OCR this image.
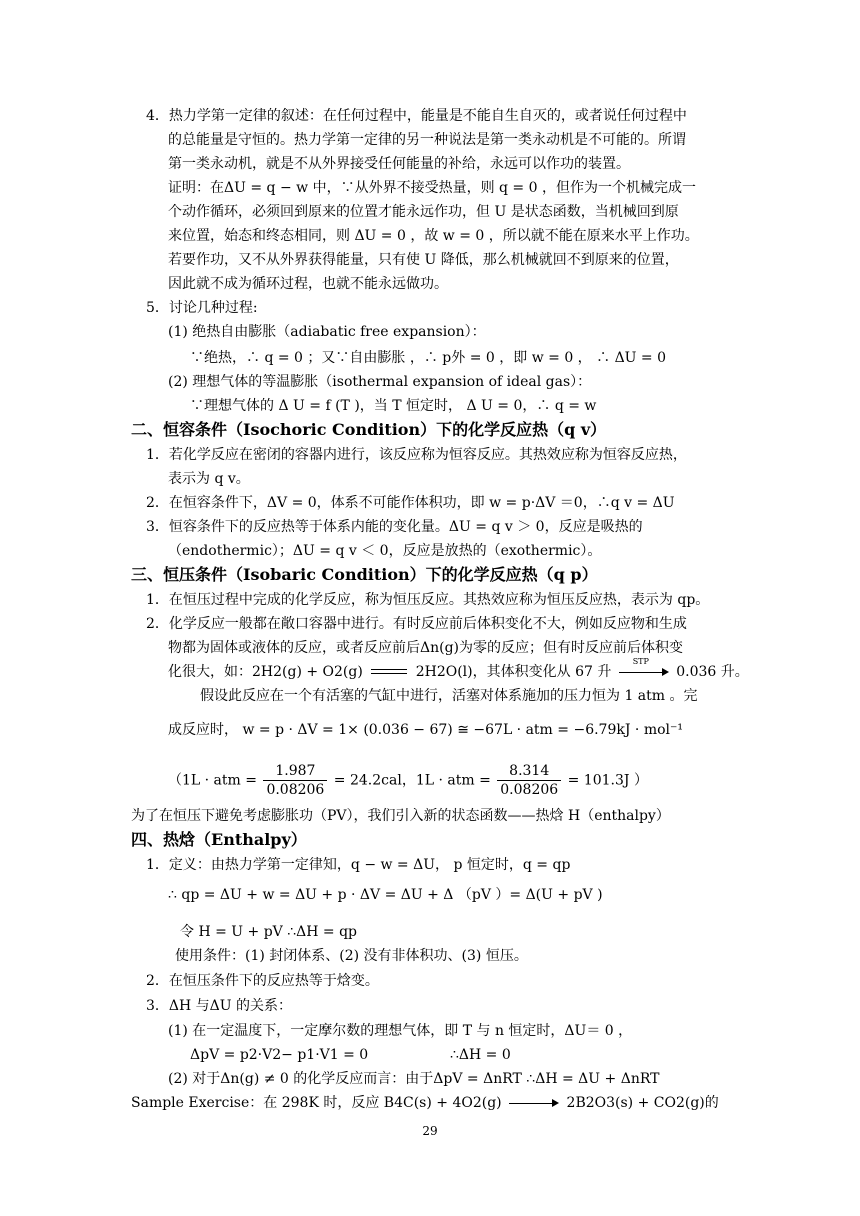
4．热力学第一定律的叙述：在任何过程中，能量是不能自生自灭的，或者说任何过程中
的总能量是守恒的。热力学第一定律的另一种说法是第一类永动机是不可能的。所谓
第一类永动机，就是不从外界接受任何能量的补给，永远可以作功的装置。
证明：在ΔU = q − w 中，∵从外界不接受热量，则 q = 0 ，但作为一个机械完成一
个动作循环，必须回到原来的位置才能永远作功，但 U 是状态函数，当机械回到原
来位置，始态和终态相同，则 ΔU = 0 ，故 w = 0 ，所以就不能在原来水平上作功。
若要作功，又不从外界获得能量，只有使 U 降低，那么机械就回不到原来的位置，
因此就不成为循环过程，也就不能永远做功。
5．讨论几种过程:
(1) 绝热自由膨胀（adiabatic free expansion）：
∵绝热，∴ q = 0 ；又∵自由膨胀 ，∴ p外 = 0 ，即 w = 0 ， ∴ ΔU = 0
(2) 理想气体的等温膨胀（isothermal expansion of ideal gas）：
∵理想气体的 Δ U = f (T )，当 T 恒定时， Δ U = 0，∴ q = w
二、恒容条件（Isochoric Condition）下的化学反应热（q v）
1．若化学反应在密闭的容器内进行，该反应称为恒容反应。其热效应称为恒容反应热，
表示为 q v。
2．在恒容条件下，ΔV = 0，体系不可能作体积功，即 w = p·ΔV ＝0，∴q v = ΔU
3．恒容条件下的反应热等于体系内能的变化量。ΔU = q v ＞ 0，反应是吸热的
（endothermic）；ΔU = q v ＜ 0，反应是放热的（exothermic）。
三、恒压条件（Isobaric Condition）下的化学反应热（q p）
1．在恒压过程中完成的化学反应，称为恒压反应。其热效应称为恒压反应热，表示为 qp。
2．化学反应一般都在敞口容器中进行。有时反应前后体积变化不大，例如反应物和生成
物都为固体或液体的反应，或者反应前后Δn(g)为零的反应；但有时反应前后体积变
化很大，如：2H2(g) + O2(g)	2H2O(l)，其体积变化从 67 升
STP
0.036 升。
假设此反应在一个有活塞的气缸中进行，活塞对体系施加的压力恒为 1 atm 。完
成反应时， w = p · ΔV = 1× (0.036 − 67) ≅ −67L · atm = −6.79kJ · mol⁻¹
（1L · atm = $\frac{1.987}{0.08206} = 24.2cal$，1L · atm = $\frac{8.314}{0.08206} = 101.3J$ ）
为了在恒压下避免考虑膨胀功（PV），我们引入新的状态函数——热焓 H（enthalpy）
四、热焓（Enthalpy）
1．定义：由热力学第一定律知，q − w = ΔU， p 恒定时，q = qp
∴ qp = ΔU + w = ΔU + p · ΔV = ΔU + Δ （pV ）= Δ(U + pV )
令 H = U + pV ∴ΔH = qp
使用条件：(1) 封闭体系、(2) 没有非体积功、(3) 恒压。
2．在恒压条件下的反应热等于焓变。
3．ΔH 与ΔU 的关系：
(1) 在一定温度下，一定摩尔数的理想气体，即 T 与 n 恒定时，ΔU＝ 0 ，
ΔpV = p2·V2− p1·V1 = 0	∴ΔH = 0
(2) 对于Δn(g) ≠ 0 的化学反应而言：由于ΔpV = ΔnRT ∴ΔH = ΔU + ΔnRT
Sample Exercise：在 298K 时，反应 B4C(s) + 4O2(g)	2B2O3(s) + CO2(g)的
29
